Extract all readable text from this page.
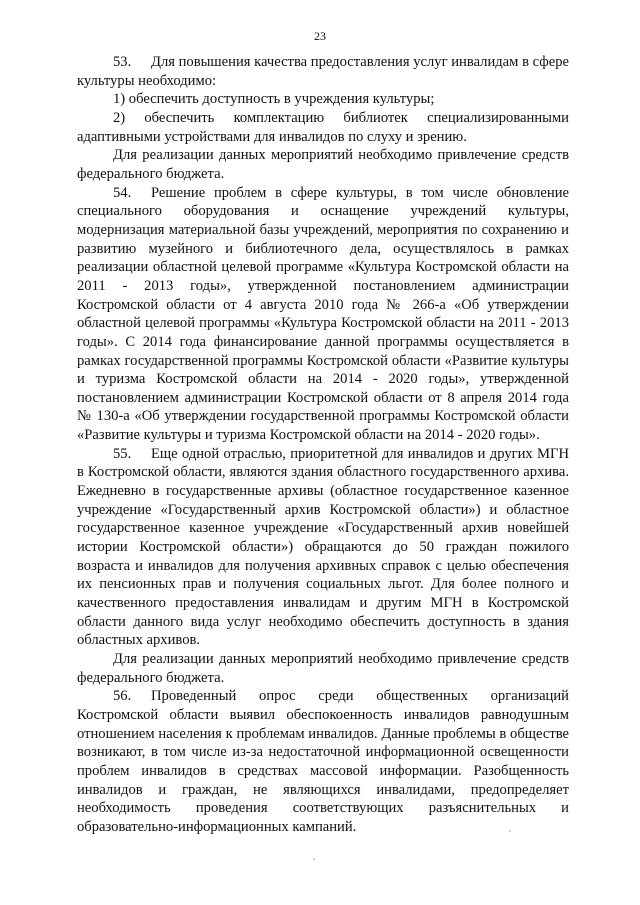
23

53. Для повышения качества предоставления услуг инвалидам в сфере культуры необходимо:

1) обеспечить доступность в учреждения культуры;

2) обеспечить комплектацию библиотек специализированными адаптивными устройствами для инвалидов по слуху и зрению.

Для реализации данных мероприятий необходимо привлечение средств федерального бюджета.

54. Решение проблем в сфере культуры, в том числе обновление специального оборудования и оснащение учреждений культуры, модернизация материальной базы учреждений, мероприятия по сохранению и развитию музейного и библиотечного дела, осуществлялось в рамках реализации областной целевой программе «Культура Костромской области на 2011 - 2013 годы», утвержденной постановлением администрации Костромской области от 4 августа 2010 года № 266-а «Об утверждении областной целевой программы «Культура Костромской области на 2011 - 2013 годы». С 2014 года финансирование данной программы осуществляется в рамках государственной программы Костромской области «Развитие культуры и туризма Костромской области на 2014 - 2020 годы», утвержденной постановлением администрации Костромской области от 8 апреля 2014 года № 130-а «Об утверждении государственной программы Костромской области «Развитие культуры и туризма Костромской области на 2014 - 2020 годы».

55. Еще одной отраслью, приоритетной для инвалидов и других МГН в Костромской области, являются здания областного государственного архива. Ежедневно в государственные архивы (областное государственное казенное учреждение «Государственный архив Костромской области») и областное государственное казенное учреждение «Государственный архив новейшей истории Костромской области») обращаются до 50 граждан пожилого возраста и инвалидов для получения архивных справок с целью обеспечения их пенсионных прав и получения социальных льгот. Для более полного и качественного предоставления инвалидам и другим МГН в Костромской области данного вида услуг необходимо обеспечить доступность в здания областных архивов.

Для реализации данных мероприятий необходимо привлечение средств федерального бюджета.

56. Проведенный опрос среди общественных организаций Костромской области выявил обеспокоенность инвалидов равнодушным отношением населения к проблемам инвалидов. Данные проблемы в обществе возникают, в том числе из-за недостаточной информационной освещенности проблем инвалидов в средствах массовой информации. Разобщенность инвалидов и граждан, не являющихся инвалидами, предопределяет необходимость проведения соответствующих разъяснительных и образовательно-информационных кампаний.
